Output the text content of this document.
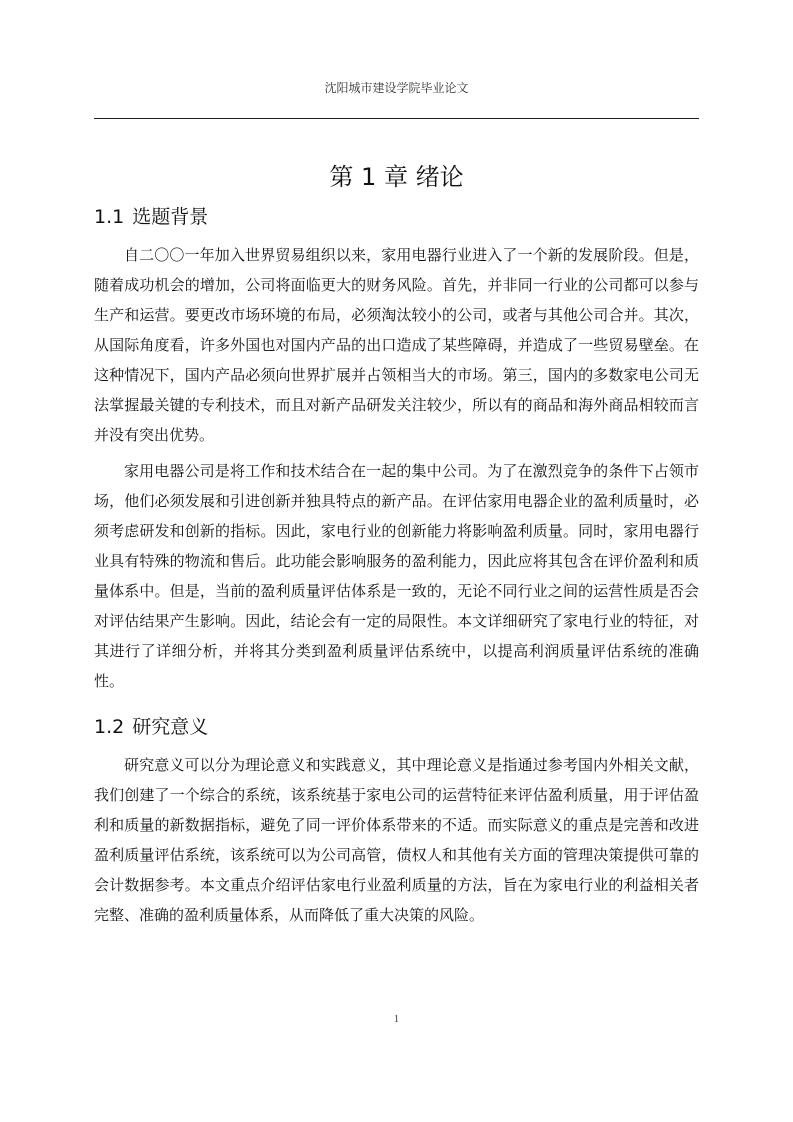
沈阳城市建设学院毕业论文
第 1 章 绪论
1.1 选题背景

自二〇〇一年加入世界贸易组织以来，家用电器行业进入了一个新的发展阶段。但是，随着成功机会的增加，公司将面临更大的财务风险。首先，并非同一行业的公司都可以参与生产和运营。要更改市场环境的布局，必须淘汰较小的公司，或者与其他公司合并。其次，从国际角度看，许多外国也对国内产品的出口造成了某些障碍，并造成了一些贸易壁垒。在这种情况下，国内产品必须向世界扩展并占领相当大的市场。第三，国内的多数家电公司无法掌握最关键的专利技术，而且对新产品研发关注较少，所以有的商品和海外商品相较而言并没有突出优势。

家用电器公司是将工作和技术结合在一起的集中公司。为了在激烈竞争的条件下占领市场，他们必须发展和引进创新并独具特点的新产品。在评估家用电器企业的盈利质量时，必须考虑研发和创新的指标。因此，家电行业的创新能力将影响盈利质量。同时，家用电器行业具有特殊的物流和售后。此功能会影响服务的盈利能力，因此应将其包含在评价盈利和质量体系中。但是，当前的盈利质量评估体系是一致的，无论不同行业之间的运营性质是否会对评估结果产生影响。因此，结论会有一定的局限性。本文详细研究了家电行业的特征，对其进行了详细分析，并将其分类到盈利质量评估系统中，以提高利润质量评估系统的准确性。

1.2 研究意义

研究意义可以分为理论意义和实践意义，其中理论意义是指通过参考国内外相关文献，我们创建了一个综合的系统，该系统基于家电公司的运营特征来评估盈利质量，用于评估盈利和质量的新数据指标，避免了同一评价体系带来的不适。而实际意义的重点是完善和改进盈利质量评估系统，该系统可以为公司高管，债权人和其他有关方面的管理决策提供可靠的会计数据参考。本文重点介绍评估家电行业盈利质量的方法，旨在为家电行业的利益相关者完整、准确的盈利质量体系，从而降低了重大决策的风险。

1
